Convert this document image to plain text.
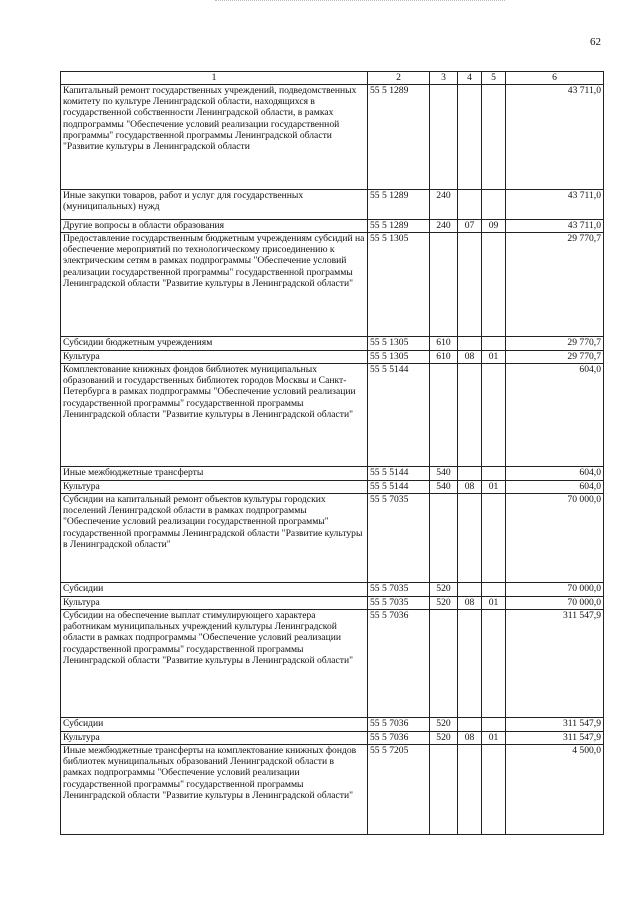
62
1	2	3	4	5	6
Капитальный ремонт государственных учреждений, подведомственных комитету по культуре Ленинградской области, находящихся в государственной собственности Ленинградской области, в рамках подпрограммы "Обеспечение условий реализации государственной программы" государственной программы Ленинградской области "Развитие культуры в Ленинградской области	55 5 1289				43 711,0
Иные закупки товаров, работ и услуг для государственных (муниципальных) нужд	55 5 1289	240			43 711,0
Другие вопросы в области образования	55 5 1289	240	07	09	43 711,0
Предоставление государственным бюджетным учреждениям субсидий на обеспечение мероприятий по технологическому присоединению к электрическим сетям в рамках подпрограммы "Обеспечение условий реализации государственной программы" государственной программы Ленинградской области "Развитие культуры в Ленинградской области"	55 5 1305				29 770,7
Субсидии бюджетным учреждениям	55 5 1305	610			29 770,7
Культура	55 5 1305	610	08	01	29 770,7
Комплектование книжных фондов библиотек муниципальных образований и государственных библиотек городов Москвы и Санкт-Петербурга в рамках подпрограммы "Обеспечение условий реализации государственной программы" государственной программы Ленинградской области "Развитие культуры в Ленинградской области"	55 5 5144				604,0
Иные межбюджетные трансферты	55 5 5144	540			604,0
Культура	55 5 5144	540	08	01	604,0
Субсидии на капитальный ремонт объектов культуры городских поселений Ленинградской области в рамках подпрограммы "Обеспечение условий реализации государственной программы" государственной программы Ленинградской области "Развитие культуры в Ленинградской области"	55 5 7035				70 000,0
Субсидии	55 5 7035	520			70 000,0
Культура	55 5 7035	520	08	01	70 000,0
Субсидии на обеспечение выплат стимулирующего характера работникам муниципальных учреждений культуры Ленинградской области в рамках подпрограммы "Обеспечение условий реализации государственной программы" государственной программы Ленинградской области "Развитие культуры в Ленинградской области"	55 5 7036				311 547,9
Субсидии	55 5 7036	520			311 547,9
Культура	55 5 7036	520	08	01	311 547,9
Иные межбюджетные трансферты на комплектование книжных фондов библиотек муниципальных образований Ленинградской области в рамках подпрограммы "Обеспечение условий реализации государственной программы" государственной программы Ленинградской области "Развитие культуры в Ленинградской области"	55 5 7205				4 500,0
